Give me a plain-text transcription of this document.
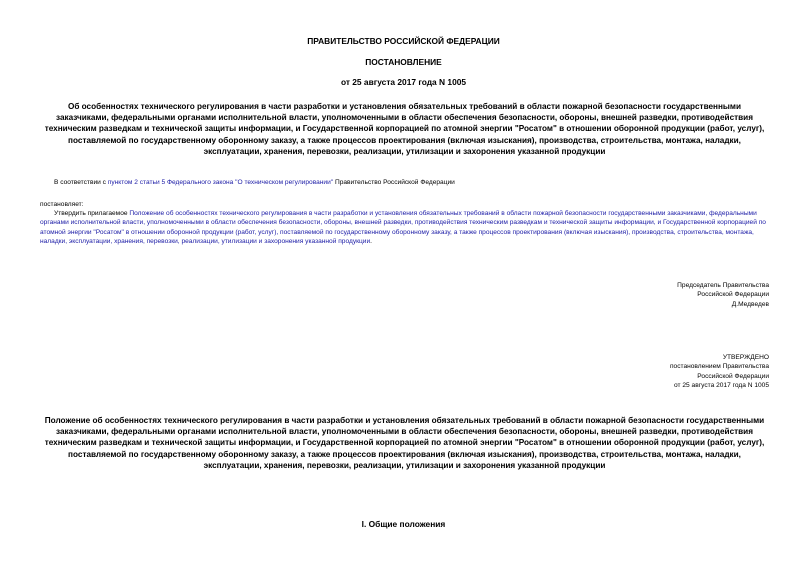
ПРАВИТЕЛЬСТВО РОССИЙСКОЙ ФЕДЕРАЦИИ
ПОСТАНОВЛЕНИЕ
от 25 августа 2017 года N 1005
Об особенностях технического регулирования в части разработки и установления обязательных требований в области пожарной безопасности государственными заказчиками, федеральными органами исполнительной власти, уполномоченными в области обеспечения безопасности, обороны, внешней разведки, противодействия техническим разведкам и технической защиты информации, и Государственной корпорацией по атомной энергии "Росатом" в отношении оборонной продукции (работ, услуг), поставляемой по государственному оборонному заказу, а также процессов проектирования (включая изыскания), производства, строительства, монтажа, наладки, эксплуатации, хранения, перевозки, реализации, утилизации и захоронения указанной продукции
В соответствии с пунктом 2 статьи 5 Федерального закона "О техническом регулировании" Правительство Российской Федерации
постановляет:
Утвердить прилагаемое Положение об особенностях технического регулирования в части разработки и установления обязательных требований в области пожарной безопасности государственными заказчиками, федеральными органами исполнительной власти, уполномоченными в области обеспечения безопасности, обороны, внешней разведки, противодействия техническим разведкам и технической защиты информации, и Государственной корпорацией по атомной энергии "Росатом" в отношении оборонной продукции (работ, услуг), поставляемой по государственному оборонному заказу, а также процессов проектирования (включая изыскания), производства, строительства, монтажа, наладки, эксплуатации, хранения, перевозки, реализации, утилизации и захоронения указанной продукции.
Председатель Правительства
Российской Федерации
Д.Медведев
УТВЕРЖДЕНО
постановлением Правительства
Российской Федерации
от 25 августа 2017 года N 1005
Положение об особенностях технического регулирования в части разработки и установления обязательных требований в области пожарной безопасности государственными заказчиками, федеральными органами исполнительной власти, уполномоченными в области обеспечения безопасности, обороны, внешней разведки, противодействия техническим разведкам и технической защиты информации, и Государственной корпорацией по атомной энергии "Росатом" в отношении оборонной продукции (работ, услуг), поставляемой по государственному оборонному заказу, а также процессов проектирования (включая изыскания), производства, строительства, монтажа, наладки, эксплуатации, хранения, перевозки, реализации, утилизации и захоронения указанной продукции
I. Общие положения
